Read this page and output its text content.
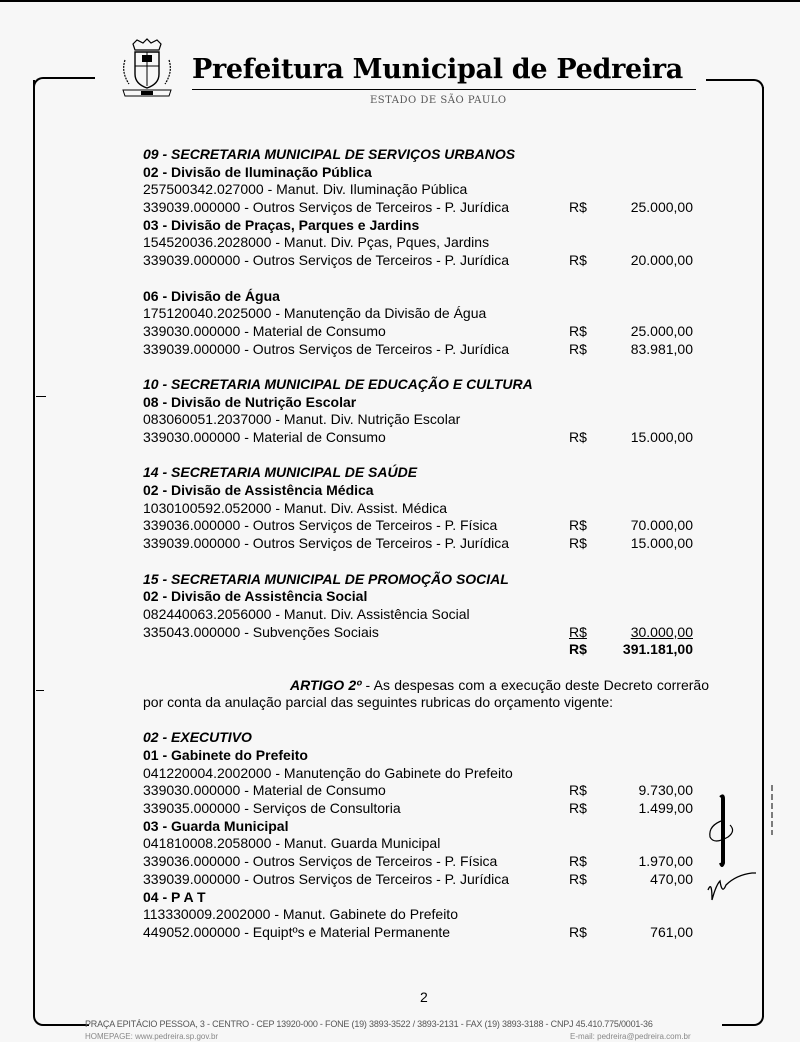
Prefeitura Municipal de Pedreira
ESTADO DE SÃO PAULO
09 - SECRETARIA MUNICIPAL DE SERVIÇOS URBANOS
02 - Divisão de Iluminação Pública
257500342.027000 - Manut. Div. Iluminação Pública
339039.000000 - Outros Serviços de Terceiros - P. Jurídica	R$	25.000,00
03 - Divisão de Praças, Parques e Jardins
154520036.2028000 - Manut. Div. Pças, Pques, Jardins
339039.000000 - Outros Serviços de Terceiros - P. Jurídica	R$	20.000,00
06 - Divisão de Água
175120040.2025000 - Manutenção da Divisão de Água
339030.000000 - Material de Consumo	R$	25.000,00
339039.000000 - Outros Serviços de Terceiros - P. Jurídica	R$	83.981,00
10 - SECRETARIA MUNICIPAL DE EDUCAÇÃO E CULTURA
08 - Divisão de Nutrição Escolar
083060051.2037000 - Manut. Div. Nutrição Escolar
339030.000000 - Material de Consumo	R$	15.000,00
14 - SECRETARIA MUNICIPAL DE SAÚDE
02 - Divisão de Assistência Médica
1030100592.052000 - Manut. Div. Assist. Médica
339036.000000 - Outros Serviços de Terceiros - P. Física	R$	70.000,00
339039.000000 - Outros Serviços de Terceiros - P. Jurídica	R$	15.000,00
15 - SECRETARIA MUNICIPAL DE PROMOÇÃO SOCIAL
02 - Divisão de Assistência Social
082440063.2056000 - Manut. Div. Assistência Social
335043.000000 - Subvenções Sociais	R$	30.000,00
R$	391.181,00
ARTIGO 2º - As despesas com a execução deste Decreto correrão por conta da anulação parcial das seguintes rubricas do orçamento vigente:
02 - EXECUTIVO
01 - Gabinete do Prefeito
041220004.2002000 - Manutenção do Gabinete do Prefeito
339030.000000 - Material de Consumo	R$	9.730,00
339035.000000 - Serviços de Consultoria	R$	1.499,00
03 - Guarda Municipal
041810008.2058000 - Manut. Guarda Municipal
339036.000000 - Outros Serviços de Terceiros - P. Física	R$	1.970,00
339039.000000 - Outros Serviços de Terceiros - P. Jurídica	R$	470,00
04 - P A T
113330009.2002000 - Manut. Gabinete do Prefeito
449052.000000 - Equiptºs e Material Permanente	R$	761,00
2
PRAÇA EPITÁCIO PESSOA, 3 - CENTRO - CEP 13920-000 - FONE (19) 3893-3522 / 3893-2131 - FAX (19) 3893-3188 - CNPJ 45.410.775/0001-36
HOMEPAGE: www.pedreira.sp.gov.br	E-mail: pedreira@pedreira.com.br
